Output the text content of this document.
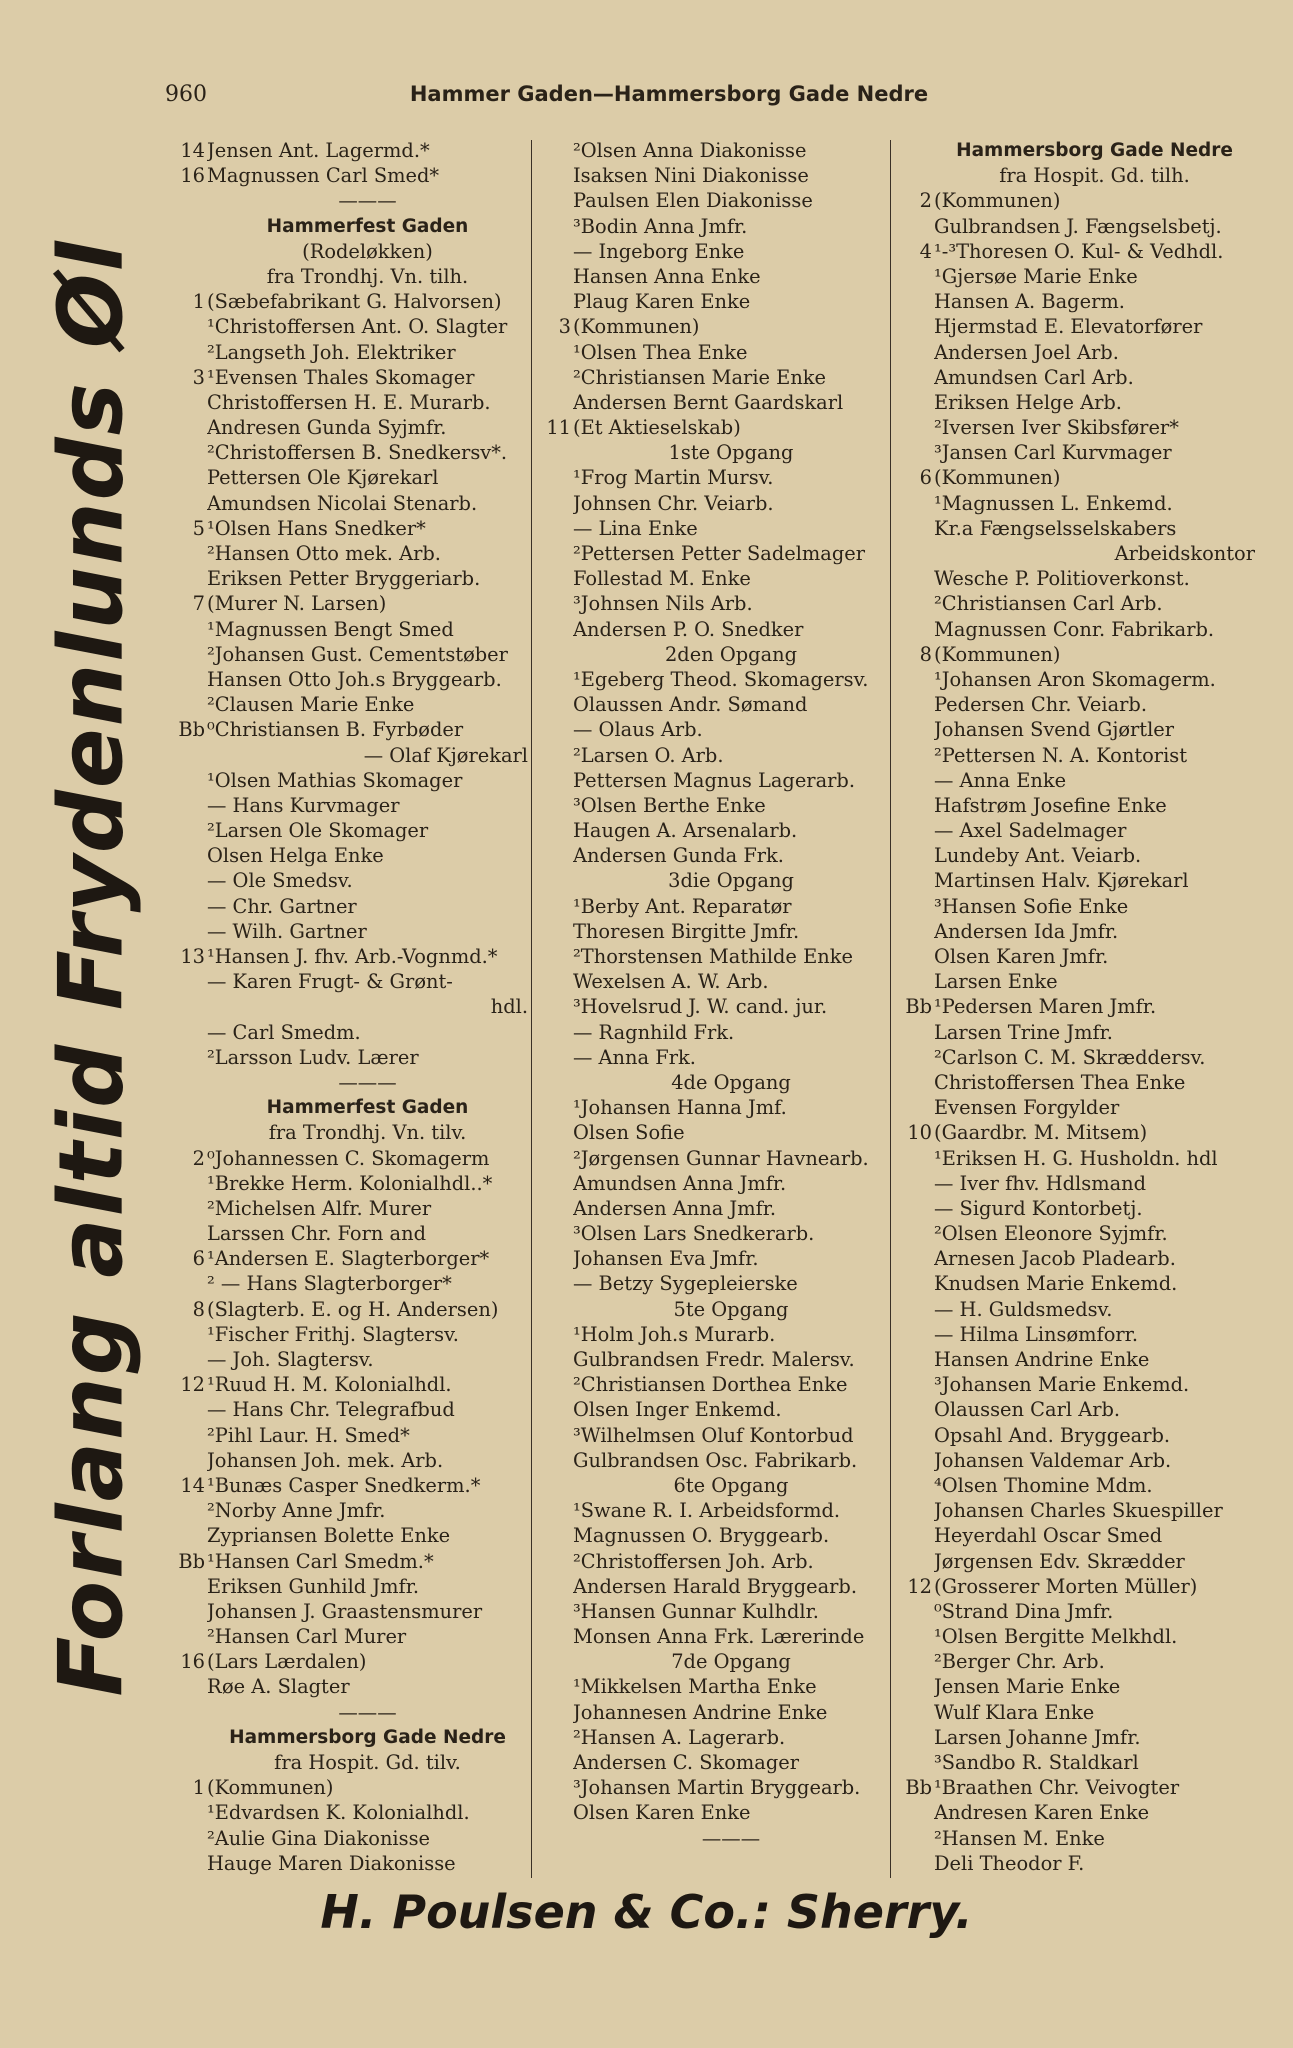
960	Hammer Gaden—Hammersborg Gade Nedre
Forlang altid Frydenlunds Øl
14 Jensen Ant. Lagermd.*
16 Magnussen Carl Smed*
———
Hammerfest Gaden
(Rodeløkken)
fra Trondhj. Vn. tilh.
1 (Sæbefabrikant G. Halvorsen)
¹Christoffersen Ant. O. Slagter
²Langseth Joh. Elektriker
3 ¹Evensen Thales Skomager
Christoffersen H. E. Murarb.
Andresen Gunda Syjmfr.
²Christoffersen B. Snedkersv*.
Pettersen Ole Kjørekarl
Amundsen Nicolai Stenarb.
5 ¹Olsen Hans Snedker*
²Hansen Otto mek. Arb.
Eriksen Petter Bryggeriarb.
7 (Murer N. Larsen)
¹Magnussen Bengt Smed
²Johansen Gust. Cementstøber
Hansen Otto Joh.s Bryggearb.
²Clausen Marie Enke
Bb ⁰Christiansen B. Fyrbøder
— Olaf Kjørekarl
¹Olsen Mathias Skomager
— Hans Kurvmager
²Larsen Ole Skomager
Olsen Helga Enke
— Ole Smedsv.
— Chr. Gartner
— Wilh. Gartner
13 ¹Hansen J. fhv. Arb.-Vognmd.*
— Karen Frugt- & Grønt-
hdl.
— Carl Smedm.
²Larsson Ludv. Lærer
———
Hammerfest Gaden
fra Trondhj. Vn. tilv.
2 ⁰Johannessen C. Skomagerm
¹Brekke Herm. Kolonialhdl..*
²Michelsen Alfr. Murer
Larssen Chr. Forn and
6 ¹Andersen E. Slagterborger*
² — Hans Slagterborger*
8 (Slagterb. E. og H. Andersen)
¹Fischer Frithj. Slagtersv.
— Joh. Slagtersv.
12 ¹Ruud H. M. Kolonialhdl.
— Hans Chr. Telegrafbud
²Pihl Laur. H. Smed*
Johansen Joh. mek. Arb.
14 ¹Bunæs Casper Snedkerm.*
²Norby Anne Jmfr.
Zypriansen Bolette Enke
Bb ¹Hansen Carl Smedm.*
Eriksen Gunhild Jmfr.
Johansen J. Graastensmurer
²Hansen Carl Murer
16 (Lars Lærdalen)
Røe A. Slagter
———
Hammersborg Gade Nedre
fra Hospit. Gd. tilv.
1 (Kommunen)
¹Edvardsen K. Kolonialhdl.
²Aulie Gina Diakonisse
Hauge Maren Diakonisse
²Olsen Anna Diakonisse
Isaksen Nini Diakonisse
Paulsen Elen Diakonisse
³Bodin Anna Jmfr.
— Ingeborg Enke
Hansen Anna Enke
Plaug Karen Enke
3 (Kommunen)
¹Olsen Thea Enke
²Christiansen Marie Enke
Andersen Bernt Gaardskarl
11 (Et Aktieselskab)
1ste Opgang
¹Frog Martin Mursv.
Johnsen Chr. Veiarb.
— Lina Enke
²Pettersen Petter Sadelmager
Follestad M. Enke
³Johnsen Nils Arb.
Andersen P. O. Snedker
2den Opgang
¹Egeberg Theod. Skomagersv.
Olaussen Andr. Sømand
— Olaus Arb.
²Larsen O. Arb.
Pettersen Magnus Lagerarb.
³Olsen Berthe Enke
Haugen A. Arsenalarb.
Andersen Gunda Frk.
3die Opgang
¹Berby Ant. Reparatør
Thoresen Birgitte Jmfr.
²Thorstensen Mathilde Enke
Wexelsen A. W. Arb.
³Hovelsrud J. W. cand. jur.
— Ragnhild Frk.
— Anna Frk.
4de Opgang
¹Johansen Hanna Jmf.
Olsen Sofie
²Jørgensen Gunnar Havnearb.
Amundsen Anna Jmfr.
Andersen Anna Jmfr.
³Olsen Lars Snedkerarb.
Johansen Eva Jmfr.
— Betzy Sygepleierske
5te Opgang
¹Holm Joh.s Murarb.
Gulbrandsen Fredr. Malersv.
²Christiansen Dorthea Enke
Olsen Inger Enkemd.
³Wilhelmsen Oluf Kontorbud
Gulbrandsen Osc. Fabrikarb.
6te Opgang
¹Swane R. I. Arbeidsformd.
Magnussen O. Bryggearb.
²Christoffersen Joh. Arb.
Andersen Harald Bryggearb.
³Hansen Gunnar Kulhdlr.
Monsen Anna Frk. Lærerinde
7de Opgang
¹Mikkelsen Martha Enke
Johannesen Andrine Enke
²Hansen A. Lagerarb.
Andersen C. Skomager
³Johansen Martin Bryggearb.
Olsen Karen Enke
———
Hammersborg Gade Nedre
fra Hospit. Gd. tilh.
2 (Kommunen)
Gulbrandsen J. Fængselsbetj.
4 ¹-³Thoresen O. Kul- & Vedhdl.
¹Gjersøe Marie Enke
Hansen A. Bagerm.
Hjermstad E. Elevatorfører
Andersen Joel Arb.
Amundsen Carl Arb.
Eriksen Helge Arb.
²Iversen Iver Skibsfører*
³Jansen Carl Kurvmager
6 (Kommunen)
¹Magnussen L. Enkemd.
Kr.a Fængselsselskabers
Arbeidskontor
Wesche P. Politioverkonst.
²Christiansen Carl Arb.
Magnussen Conr. Fabrikarb.
8 (Kommunen)
¹Johansen Aron Skomagerm.
Pedersen Chr. Veiarb.
Johansen Svend Gjørtler
²Pettersen N. A. Kontorist
— Anna Enke
Hafstrøm Josefine Enke
— Axel Sadelmager
Lundeby Ant. Veiarb.
Martinsen Halv. Kjørekarl
³Hansen Sofie Enke
Andersen Ida Jmfr.
Olsen Karen Jmfr.
Larsen Enke
Bb ¹Pedersen Maren Jmfr.
Larsen Trine Jmfr.
²Carlson C. M. Skræddersv.
Christoffersen Thea Enke
Evensen Forgylder
10 (Gaardbr. M. Mitsem)
¹Eriksen H. G. Husholdn. hdl
— Iver fhv. Hdlsmand
— Sigurd Kontorbetj.
²Olsen Eleonore Syjmfr.
Arnesen Jacob Pladearb.
Knudsen Marie Enkemd.
— H. Guldsmedsv.
— Hilma Linsømforr.
Hansen Andrine Enke
³Johansen Marie Enkemd.
Olaussen Carl Arb.
Opsahl And. Bryggearb.
Johansen Valdemar Arb.
⁴Olsen Thomine Mdm.
Johansen Charles Skuespiller
Heyerdahl Oscar Smed
Jørgensen Edv. Skrædder
12 (Grosserer Morten Müller)
⁰Strand Dina Jmfr.
¹Olsen Bergitte Melkhdl.
²Berger Chr. Arb.
Jensen Marie Enke
Wulf Klara Enke
Larsen Johanne Jmfr.
³Sandbo R. Staldkarl
Bb ¹Braathen Chr. Veivogter
Andresen Karen Enke
²Hansen M. Enke
Deli Theodor F.
H. Poulsen & Co.: Sherry.
